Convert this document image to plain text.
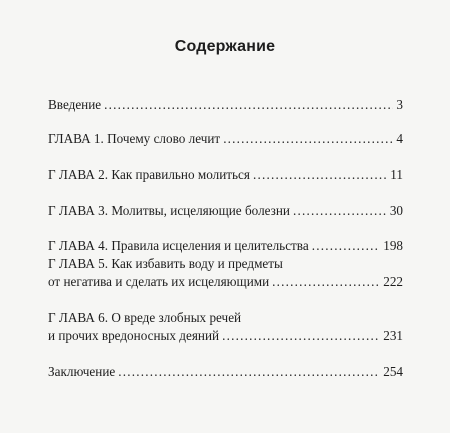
Содержание
Введение .....	3
ГЛАВА 1. Почему слово лечит .....	4
Г ЛАВА 2. Как правильно молиться .....	11
Г ЛАВА 3. Молитвы, исцеляющие болезни .....	30
Г ЛАВА 4. Правила исцеления и целительства .....	198
Г ЛАВА 5. Как избавить воду и предметы
от негатива и сделать их исцеляющими .....	222
Г ЛАВА 6. О вреде злобных речей
и прочих вредоносных деяний .....	231
Заключение .....	254
